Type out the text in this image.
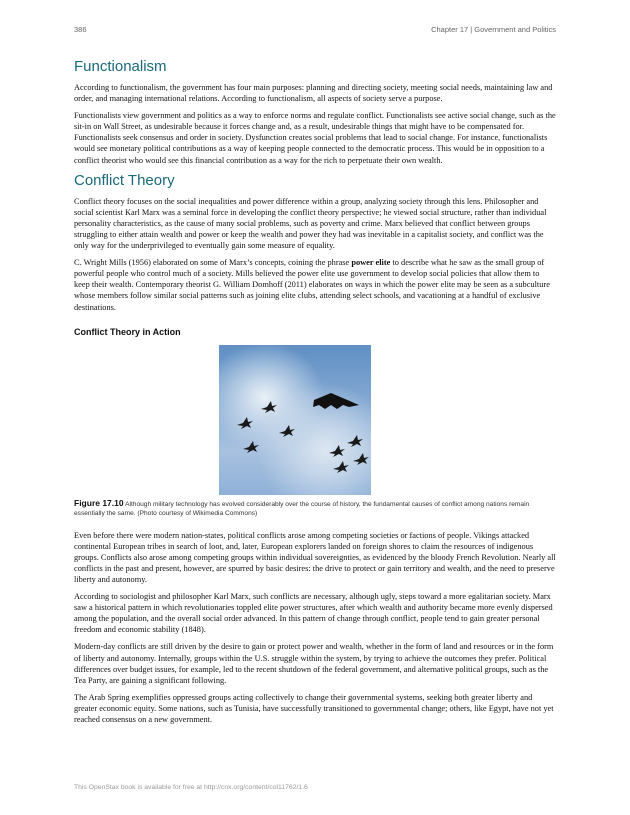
386	Chapter 17 | Government and Politics
Functionalism

According to functionalism, the government has four main purposes: planning and directing society, meeting social needs, maintaining law and order, and managing international relations. According to functionalism, all aspects of society serve a purpose.

Functionalists view government and politics as a way to enforce norms and regulate conflict. Functionalists see active social change, such as the sit-in on Wall Street, as undesirable because it forces change and, as a result, undesirable things that might have to be compensated for. Functionalists seek consensus and order in society. Dysfunction creates social problems that lead to social change. For instance, functionalists would see monetary political contributions as a way of keeping people connected to the democratic process. This would be in opposition to a conflict theorist who would see this financial contribution as a way for the rich to perpetuate their own wealth.

Conflict Theory

Conflict theory focuses on the social inequalities and power difference within a group, analyzing society through this lens. Philosopher and social scientist Karl Marx was a seminal force in developing the conflict theory perspective; he viewed social structure, rather than individual personality characteristics, as the cause of many social problems, such as poverty and crime. Marx believed that conflict between groups struggling to either attain wealth and power or keep the wealth and power they had was inevitable in a capitalist society, and conflict was the only way for the underprivileged to eventually gain some measure of equality.

C. Wright Mills (1956) elaborated on some of Marx’s concepts, coining the phrase power elite to describe what he saw as the small group of powerful people who control much of a society. Mills believed the power elite use government to develop social policies that allow them to keep their wealth. Contemporary theorist G. William Domhoff (2011) elaborates on ways in which the power elite may be seen as a subculture whose members follow similar social patterns such as joining elite clubs, attending select schools, and vacationing at a handful of exclusive destinations.

Conflict Theory in Action
Figure 17.10 Although military technology has evolved considerably over the course of history, the fundamental causes of conflict among nations remain essentially the same. (Photo courtesy of Wikimedia Commons)

Even before there were modern nation-states, political conflicts arose among competing societies or factions of people. Vikings attacked continental European tribes in search of loot, and, later, European explorers landed on foreign shores to claim the resources of indigenous groups. Conflicts also arose among competing groups within individual sovereignties, as evidenced by the bloody French Revolution. Nearly all conflicts in the past and present, however, are spurred by basic desires: the drive to protect or gain territory and wealth, and the need to preserve liberty and autonomy.

According to sociologist and philosopher Karl Marx, such conflicts are necessary, although ugly, steps toward a more egalitarian society. Marx saw a historical pattern in which revolutionaries toppled elite power structures, after which wealth and authority became more evenly dispersed among the population, and the overall social order advanced. In this pattern of change through conflict, people tend to gain greater personal freedom and economic stability (1848).

Modern-day conflicts are still driven by the desire to gain or protect power and wealth, whether in the form of land and resources or in the form of liberty and autonomy. Internally, groups within the U.S. struggle within the system, by trying to achieve the outcomes they prefer. Political differences over budget issues, for example, led to the recent shutdown of the federal government, and alternative political groups, such as the Tea Party, are gaining a significant following.

The Arab Spring exemplifies oppressed groups acting collectively to change their governmental systems, seeking both greater liberty and greater economic equity. Some nations, such as Tunisia, have successfully transitioned to governmental change; others, like Egypt, have not yet reached consensus on a new government.

This OpenStax book is available for free at http://cnx.org/content/col11762/1.6
